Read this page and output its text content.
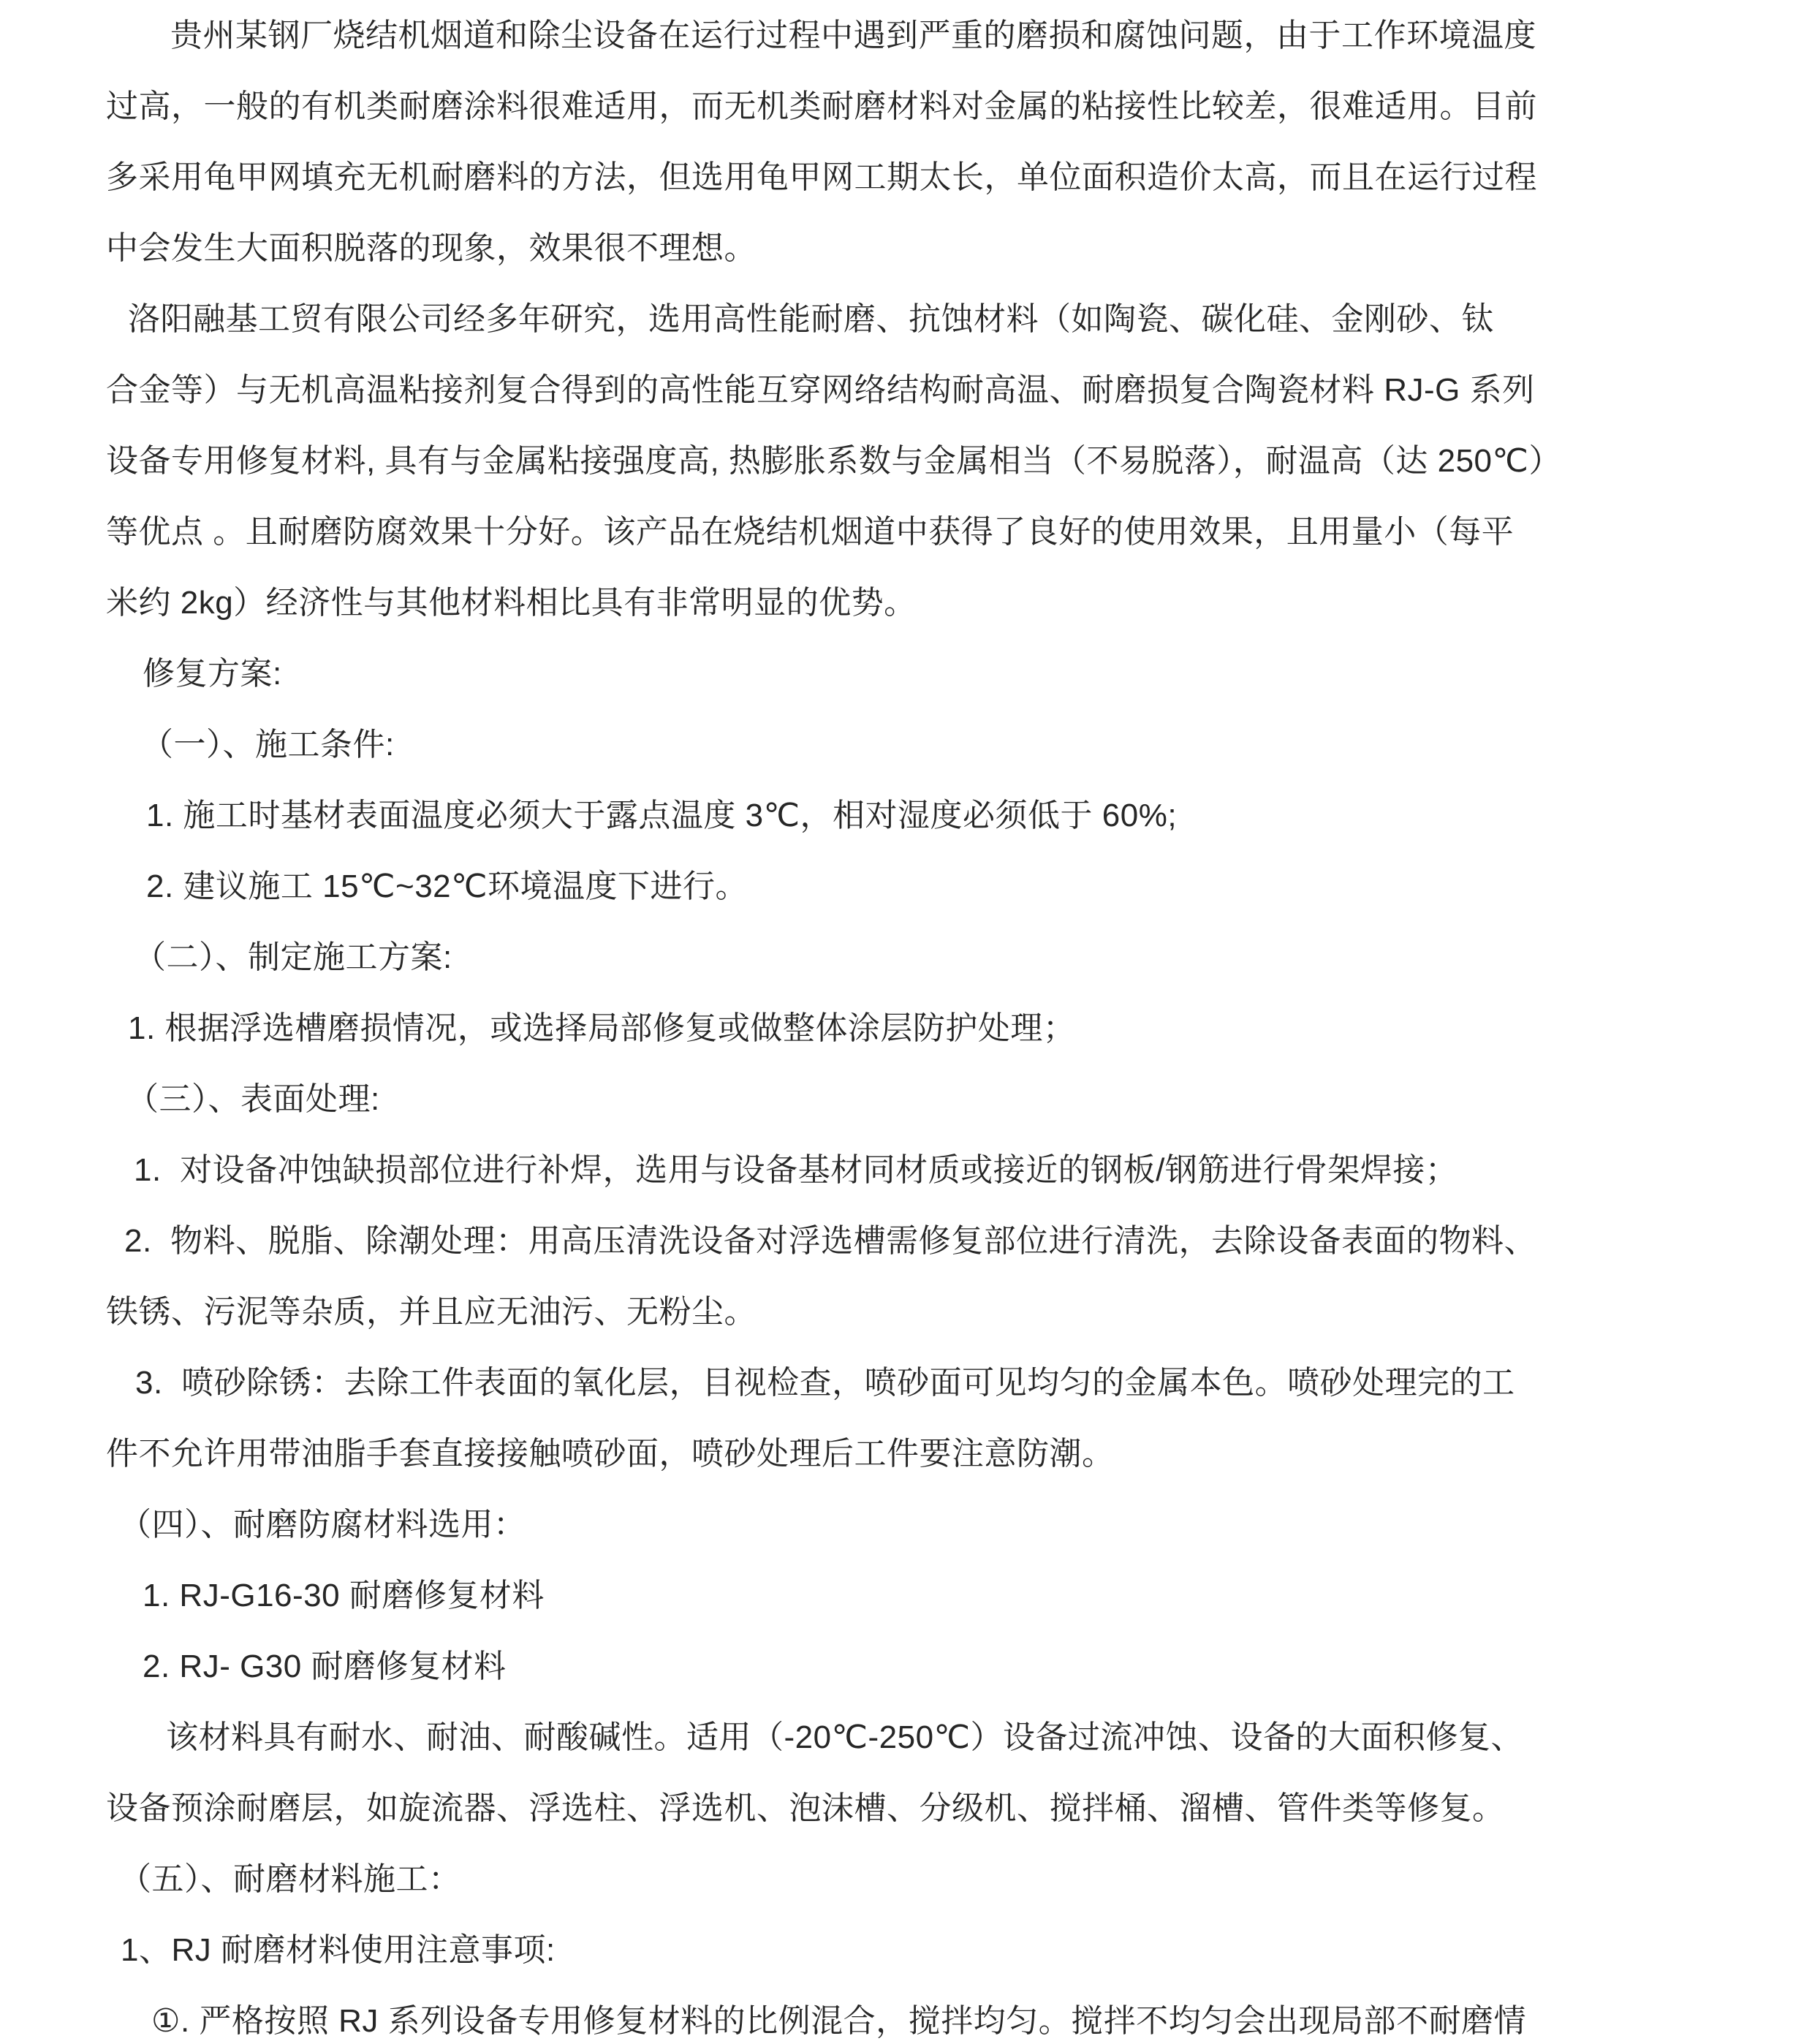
贵州某钢厂烧结机烟道和除尘设备在运行过程中遇到严重的磨损和腐蚀问题，由于工作环境温度
过高，一般的有机类耐磨涂料很难适用，而无机类耐磨材料对金属的粘接性比较差，很难适用。目前
多采用龟甲网填充无机耐磨料的方法，但选用龟甲网工期太长，单位面积造价太高，而且在运行过程
中会发生大面积脱落的现象，效果很不理想。
洛阳融基工贸有限公司经多年研究，选用高性能耐磨、抗蚀材料（如陶瓷、碳化硅、金刚砂、钛
合金等）与无机高温粘接剂复合得到的高性能互穿网络结构耐高温、耐磨损复合陶瓷材料 RJ-G 系列
设备专用修复材料, 具有与金属粘接强度高, 热膨胀系数与金属相当（不易脱落），耐温高（达 250℃）
等优点 。且耐磨防腐效果十分好。该产品在烧结机烟道中获得了良好的使用效果，且用量小（每平
米约 2kg）经济性与其他材料相比具有非常明显的优势。
修复方案:
（一）、施工条件:
1. 施工时基材表面温度必须大于露点温度 3℃，相对湿度必须低于 60%;
2. 建议施工 15℃~32℃环境温度下进行。
（二）、制定施工方案:
1. 根据浮选槽磨损情况，或选择局部修复或做整体涂层防护处理；
（三）、表面处理:
1.  对设备冲蚀缺损部位进行补焊，选用与设备基材同材质或接近的钢板/钢筋进行骨架焊接；
2.  物料、脱脂、除潮处理：用高压清洗设备对浮选槽需修复部位进行清洗，去除设备表面的物料、
铁锈、污泥等杂质，并且应无油污、无粉尘。
3.  喷砂除锈：去除工件表面的氧化层，目视检查，喷砂面可见均匀的金属本色。喷砂处理完的工
件不允许用带油脂手套直接接触喷砂面，喷砂处理后工件要注意防潮。
（四）、耐磨防腐材料选用：
1. RJ-G16-30 耐磨修复材料
2. RJ- G30 耐磨修复材料
该材料具有耐水、耐油、耐酸碱性。适用（-20℃-250℃）设备过流冲蚀、设备的大面积修复、
设备预涂耐磨层，如旋流器、浮选柱、浮选机、泡沫槽、分级机、搅拌桶、溜槽、管件类等修复。
（五）、耐磨材料施工：
1、RJ 耐磨材料使用注意事项:
①. 严格按照 RJ 系列设备专用修复材料的比例混合，搅拌均匀。搅拌不均匀会出现局部不耐磨情
